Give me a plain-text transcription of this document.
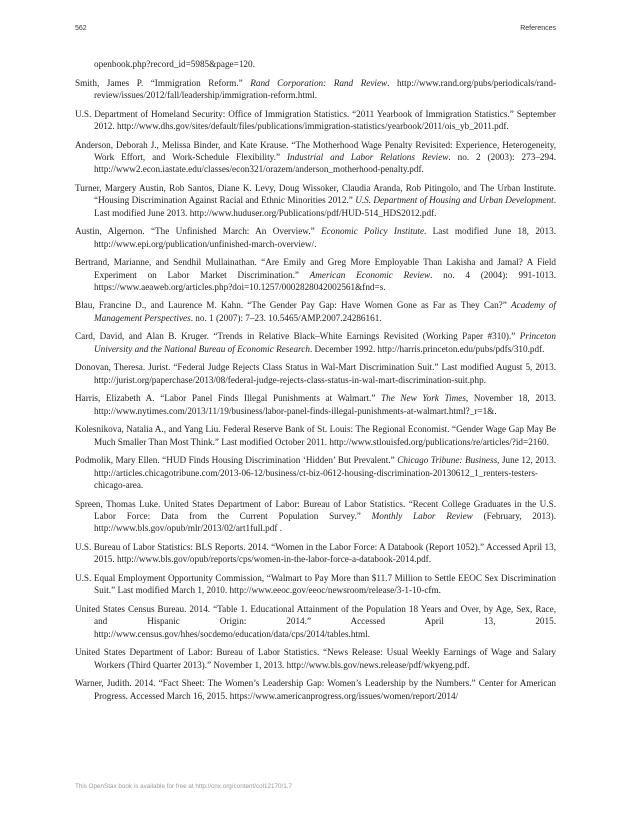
562	References

openbook.php?record_id=5985&page=120.

Smith, James P. “Immigration Reform.” Rand Corporation: Rand Review. http://www.rand.org/pubs/periodicals/rand-review/issues/2012/fall/leadership/immigration-reform.html.

U.S. Department of Homeland Security: Office of Immigration Statistics. “2011 Yearbook of Immigration Statistics.” September 2012. http://www.dhs.gov/sites/default/files/publications/immigration-statistics/yearbook/2011/ois_yb_2011.pdf.

Anderson, Deborah J., Melissa Binder, and Kate Krause. “The Motherhood Wage Penalty Revisited: Experience, Heterogeneity, Work Effort, and Work-Schedule Flexibility.” Industrial and Labor Relations Review. no. 2 (2003): 273–294. http://www2.econ.iastate.edu/classes/econ321/orazem/anderson_motherhood-penalty.pdf.

Turner, Margery Austin, Rob Santos, Diane K. Levy, Doug Wissoker, Claudia Aranda, Rob Pitingolo, and The Urban Institute. “Housing Discrimination Against Racial and Ethnic Minorities 2012.” U.S. Department of Housing and Urban Development. Last modified June 2013. http://www.huduser.org/Publications/pdf/HUD-514_HDS2012.pdf.

Austin, Algernon. “The Unfinished March: An Overview.” Economic Policy Institute. Last modified June 18, 2013. http://www.epi.org/publication/unfinished-march-overview/.

Bertrand, Marianne, and Sendhil Mullainathan. “Are Emily and Greg More Employable Than Lakisha and Jamal? A Field Experiment on Labor Market Discrimination.” American Economic Review. no. 4 (2004): 991-1013. https://www.aeaweb.org/articles.php?doi=10.1257/0002828042002561&fnd=s.

Blau, Francine D., and Laurence M. Kahn. “The Gender Pay Gap: Have Women Gone as Far as They Can?” Academy of Management Perspectives. no. 1 (2007): 7–23. 10.5465/AMP.2007.24286161.

Card, David, and Alan B. Kruger. “Trends in Relative Black–White Earnings Revisited (Working Paper #310).” Princeton University and the National Bureau of Economic Research. December 1992. http://harris.princeton.edu/pubs/pdfs/310.pdf.

Donovan, Theresa. Jurist. “Federal Judge Rejects Class Status in Wal-Mart Discrimination Suit.” Last modified August 5, 2013. http://jurist.org/paperchase/2013/08/federal-judge-rejects-class-status-in-wal-mart-discrimination-suit.php.

Harris, Elizabeth A. “Labor Panel Finds Illegal Punishments at Walmart.” The New York Times, November 18, 2013. http://www.nytimes.com/2013/11/19/business/labor-panel-finds-illegal-punishments-at-walmart.html?_r=1&.

Kolesnikova, Natalia A., and Yang Liu. Federal Reserve Bank of St. Louis: The Regional Economist. “Gender Wage Gap May Be Much Smaller Than Most Think.” Last modified October 2011. http://www.stlouisfed.org/publications/re/articles/?id=2160.

Podmolik, Mary Ellen. “HUD Finds Housing Discrimination ‘Hidden’ But Prevalent.” Chicago Tribune: Business, June 12, 2013. http://articles.chicagotribune.com/2013-06-12/business/ct-biz-0612-housing-discrimination-20130612_1_renters-testers-chicago-area.

Spreen, Thomas Luke. United States Department of Labor: Bureau of Labor Statistics. “Recent College Graduates in the U.S. Labor Force: Data from the Current Population Survey.” Monthly Labor Review (February, 2013). http://www.bls.gov/opub/mlr/2013/02/art1full.pdf .

U.S. Bureau of Labor Statistics: BLS Reports. 2014. “Women in the Labor Force: A Databook (Report 1052).” Accessed April 13, 2015. http://www.bls.gov/opub/reports/cps/women-in-the-labor-force-a-databook-2014.pdf.

U.S. Equal Employment Opportunity Commission, “Walmart to Pay More than $11.7 Million to Settle EEOC Sex Discrimination Suit.” Last modified March 1, 2010. http://www.eeoc.gov/eeoc/newsroom/release/3-1-10-cfm.

United States Census Bureau. 2014. “Table 1. Educational Attainment of the Population 18 Years and Over, by Age, Sex, Race, and Hispanic Origin: 2014.” Accessed April 13, 2015. http://www.census.gov/hhes/socdemo/education/data/cps/2014/tables.html.

United States Department of Labor: Bureau of Labor Statistics. “News Release: Usual Weekly Earnings of Wage and Salary Workers (Third Quarter 2013).” November 1, 2013. http://www.bls.gov/news.release/pdf/wkyeng.pdf.

Warner, Judith. 2014. “Fact Sheet: The Women’s Leadership Gap: Women’s Leadership by the Numbers.” Center for American Progress. Accessed March 16, 2015. https://www.americanprogress.org/issues/women/report/2014/

This OpenStax book is available for free at http://cnx.org/content/col12170/1.7
